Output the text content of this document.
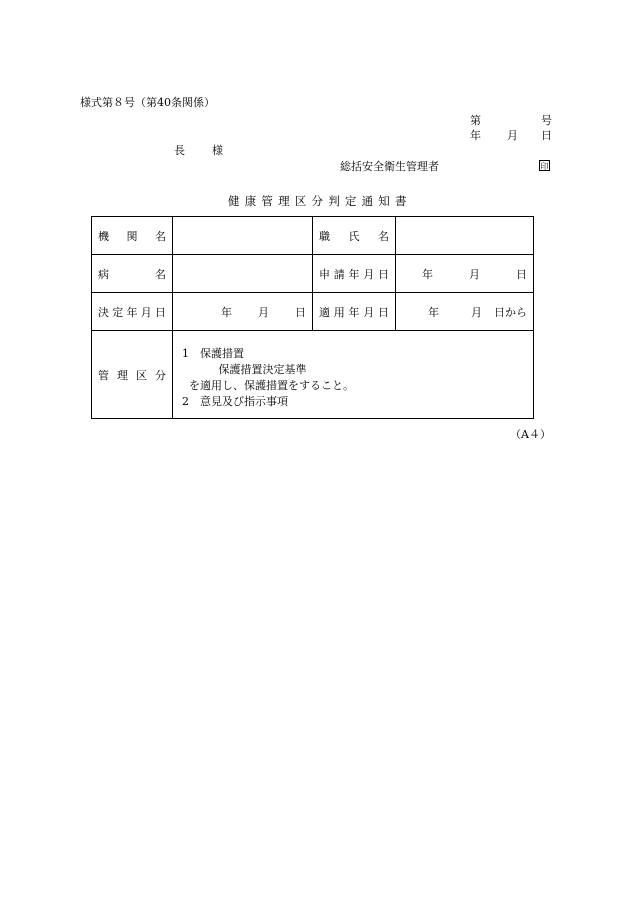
様式第８号（第40条関係）
第	号
年 月 日
長　様
総括安全衛生管理者	印
健康管理区分判定通知書
機関名		職氏名	
病名		申請年月日	年 月 日
決定年月日	年 月 日	適用年月日	年 月 日から
管理区分	1　保護措置
　 保護措置決定基準
を適用し、保護措置をすること。
2　意見及び指示事項		
（A４）
